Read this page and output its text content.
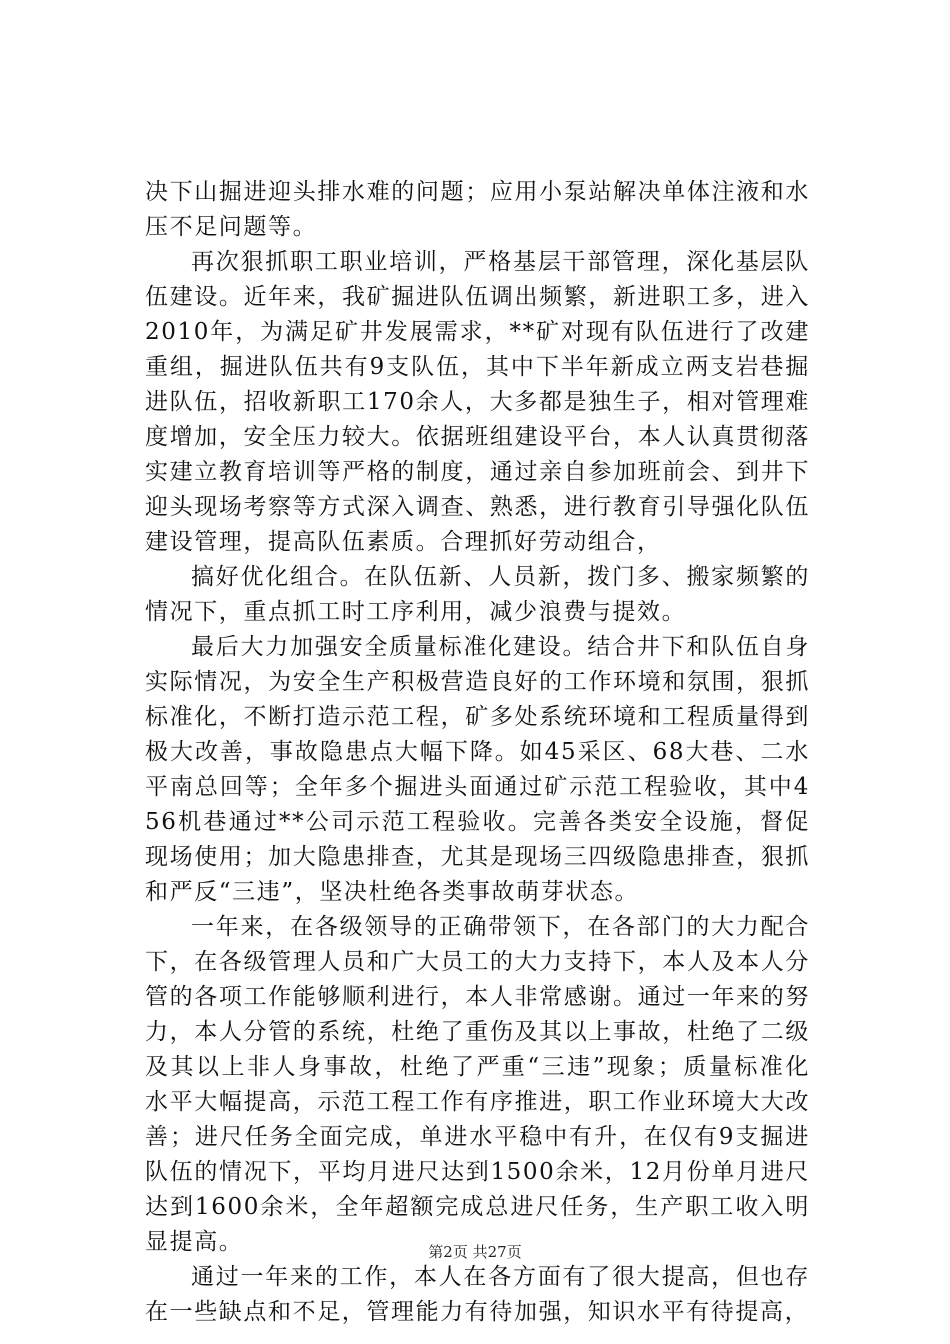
决下山掘进迎头排水难的问题；应用小泵站解决单体注液和水压不足问题等。

再次狠抓职工职业培训，严格基层干部管理，深化基层队伍建设。近年来，我矿掘进队伍调出频繁，新进职工多，进入2010年，为满足矿井发展需求，**矿对现有队伍进行了改建重组，掘进队伍共有9支队伍，其中下半年新成立两支岩巷掘进队伍，招收新职工170余人，大多都是独生子，相对管理难度增加，安全压力较大。依据班组建设平台，本人认真贯彻落实建立教育培训等严格的制度，通过亲自参加班前会、到井下迎头现场考察等方式深入调查、熟悉，进行教育引导强化队伍建设管理，提高队伍素质。合理抓好劳动组合，

搞好优化组合。在队伍新、人员新，拨门多、搬家频繁的情况下，重点抓工时工序利用，减少浪费与提效。

最后大力加强安全质量标准化建设。结合井下和队伍自身实际情况，为安全生产积极营造良好的工作环境和氛围，狠抓标准化，不断打造示范工程，矿多处系统环境和工程质量得到极大改善，事故隐患点大幅下降。如45采区、68大巷、二水平南总回等；全年多个掘进头面通过矿示范工程验收，其中456机巷通过**公司示范工程验收。完善各类安全设施，督促现场使用；加大隐患排查，尤其是现场三四级隐患排查，狠抓和严反“三违”，坚决杜绝各类事故萌芽状态。

一年来，在各级领导的正确带领下，在各部门的大力配合下，在各级管理人员和广大员工的大力支持下，本人及本人分管的各项工作能够顺利进行，本人非常感谢。通过一年来的努力，本人分管的系统，杜绝了重伤及其以上事故，杜绝了二级及其以上非人身事故，杜绝了严重“三违”现象；质量标准化水平大幅提高，示范工程工作有序推进，职工作业环境大大改善；进尺任务全面完成，单进水平稳中有升，在仅有9支掘进队伍的情况下，平均月进尺达到1500余米，12月份单月进尺达到1600余米，全年超额完成总进尺任务，生产职工收入明显提高。

通过一年来的工作，本人在各方面有了很大提高，但也存在一些缺点和不足，管理能力有待加强，知识水平有待提高，

第2页 共27页
